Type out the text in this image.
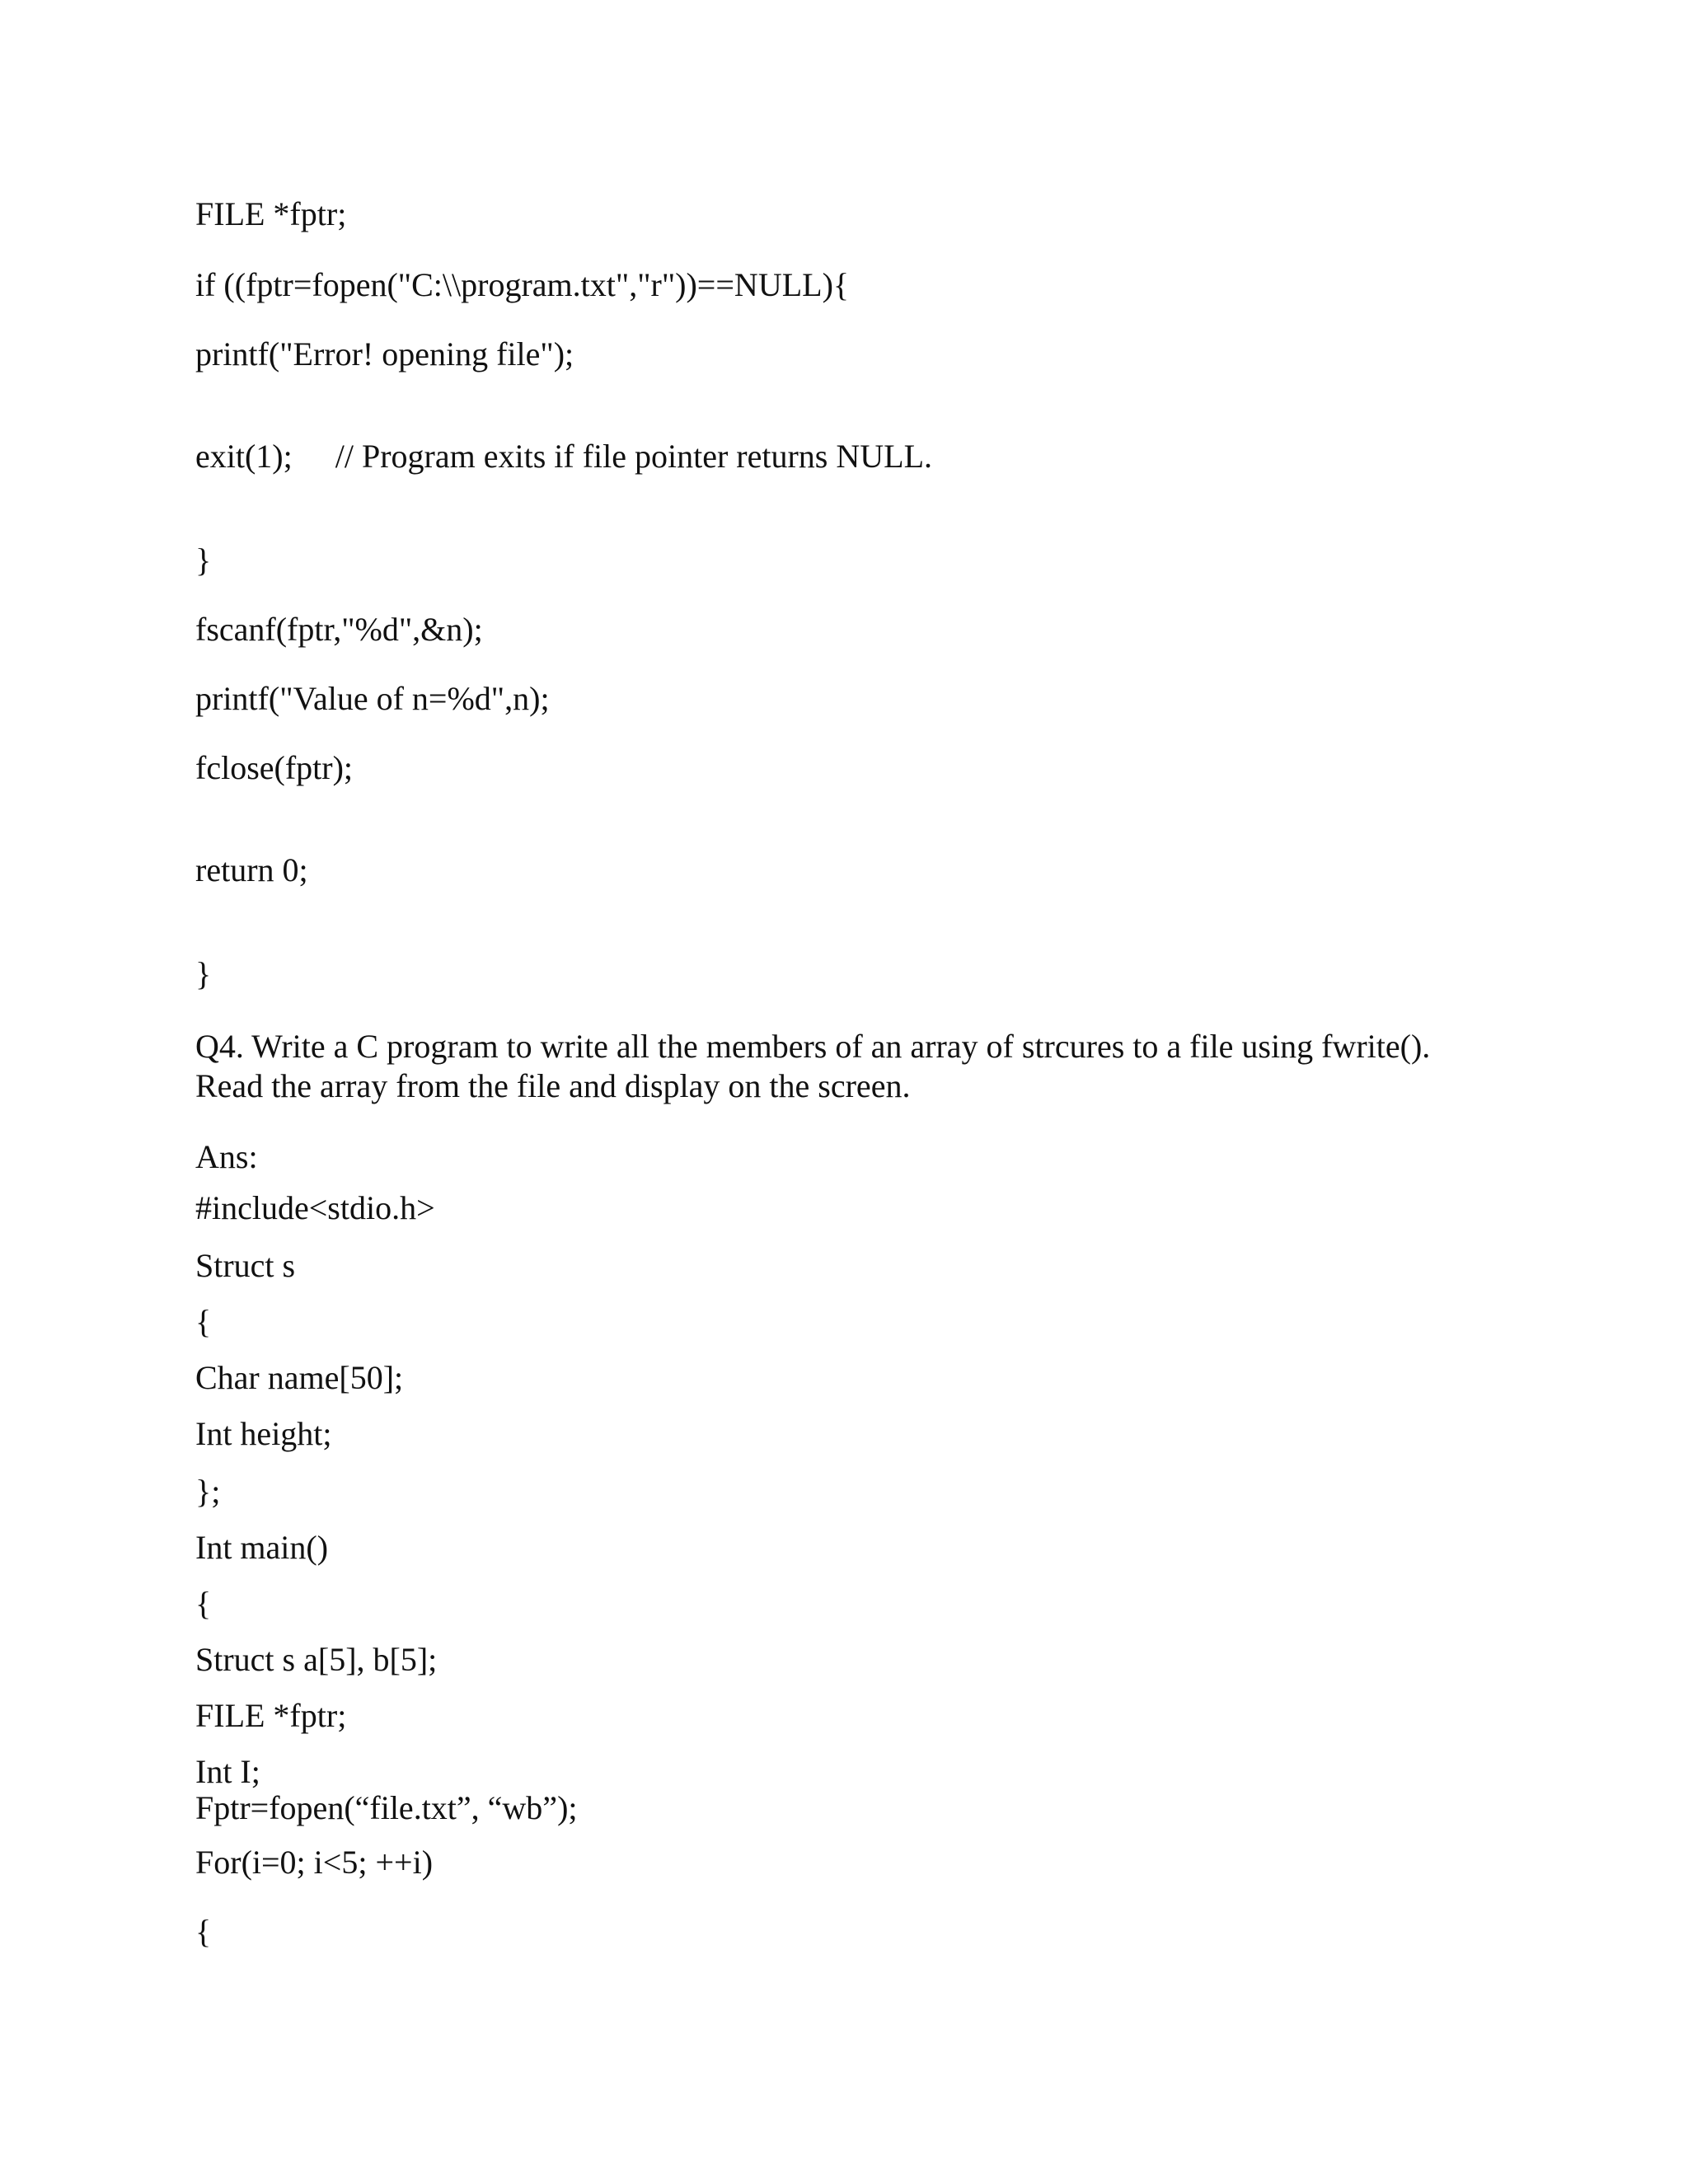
FILE *fptr;
if ((fptr=fopen("C:\\program.txt","r"))==NULL){
printf("Error! opening file");
exit(1); // Program exits if file pointer returns NULL.
}
fscanf(fptr,"%d",&n);
printf("Value of n=%d",n);
fclose(fptr);
return 0;
}
Q4. Write a C program to write all the members of an array of strcures to a file using fwrite().
Read the array from the file and display on the screen.
Ans:
#include<stdio.h>
Struct s
{
Char name[50];
Int height;
};
Int main()
{
Struct s a[5], b[5];
FILE *fptr;
Int I;
Fptr=fopen(“file.txt”, “wb”);
For(i=0; i<5; ++i)
{
